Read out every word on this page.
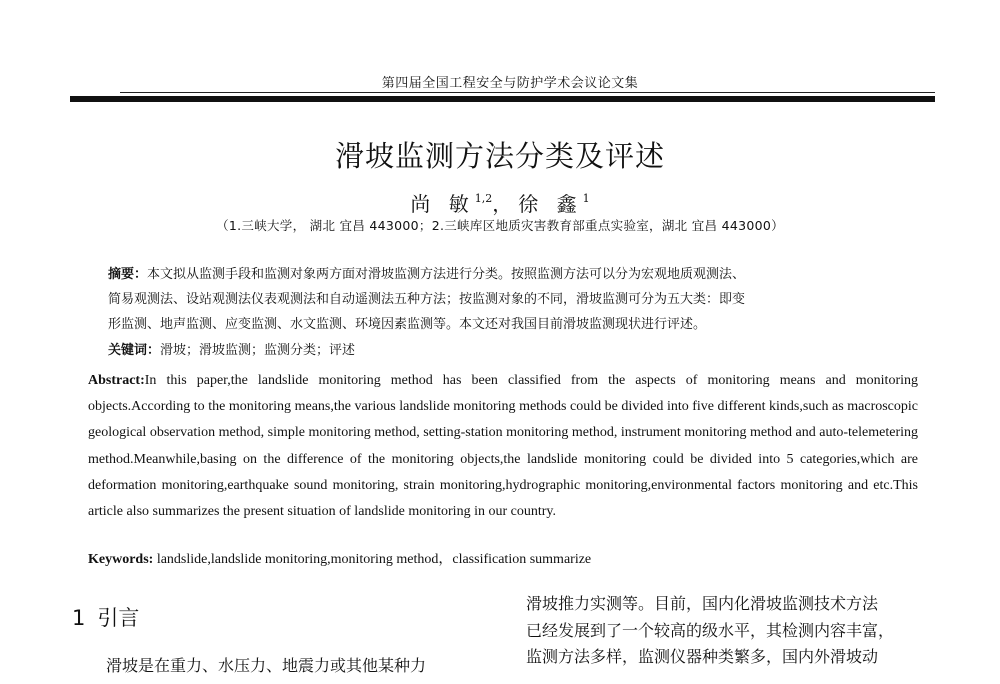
第四届全国工程安全与防护学术会议论文集
滑坡监测方法分类及评述
尚 敏$^{1,2}$，徐 鑫$^1$
（1.三峡大学， 湖北 宜昌 443000；2.三峡库区地质灾害教育部重点实验室，湖北 宜昌 443000）
摘要：本文拟从监测手段和监测对象两方面对滑坡监测方法进行分类。按照监测方法可以分为宏观地质观测法、
简易观测法、设站观测法仪表观测法和自动遥测法五种方法；按监测对象的不同，滑坡监测可分为五大类：即变
形监测、地声监测、应变监测、水文监测、环境因素监测等。本文还对我国目前滑坡监测现状进行评述。
关键词：滑坡；滑坡监测；监测分类；评述
Abstract:In this paper,the landslide monitoring method has been classified from the aspects of monitoring means and monitoring objects.According to the monitoring means,the various landslide monitoring methods could be divided into five different kinds,such as macroscopic geological observation method, simple monitoring method, setting-station monitoring method, instrument monitoring method and auto-telemetering method.Meanwhile,basing on the difference of the monitoring objects,the landslide monitoring could be divided into 5 categories,which are deformation monitoring,earthquake sound monitoring, strain monitoring,hydrographic monitoring,environmental factors monitoring and etc.This article also summarizes the present situation of landslide monitoring in our country.
Keywords: landslide,landslide monitoring,monitoring method，classification summarize
1 引言
滑坡是在重力、水压力、地震力或其他某种力
滑坡推力实测等。目前，国内化滑坡监测技术方法
已经发展到了一个较高的级水平，其检测内容丰富，
监测方法多样，监测仪器种类繁多，国内外滑坡动
